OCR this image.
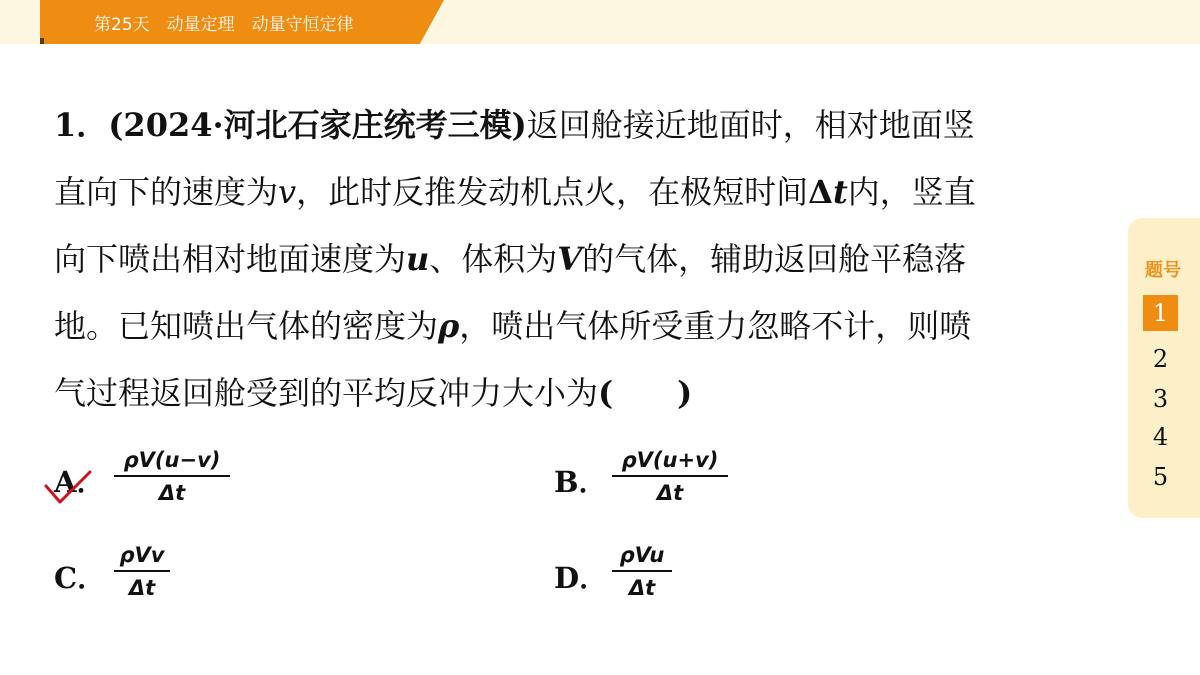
第25天　动量定理　动量守恒定律
1．(2024·河北石家庄统考三模)返回舱接近地面时，相对地面竖
直向下的速度为v，此时反推发动机点火，在极短时间Δt内，竖直
向下喷出相对地面速度为u、体积为V的气体，辅助返回舱平稳落
地。已知喷出气体的密度为ρ，喷出气体所受重力忽略不计，则喷
气过程返回舱受到的平均反冲力大小为(　　)
A．
ρV(u−v)
Δt	B．
ρV(u+v)
Δt
C．
ρVv
Δt	D．
ρVu
Δt
题号
1
2
3
4
5
